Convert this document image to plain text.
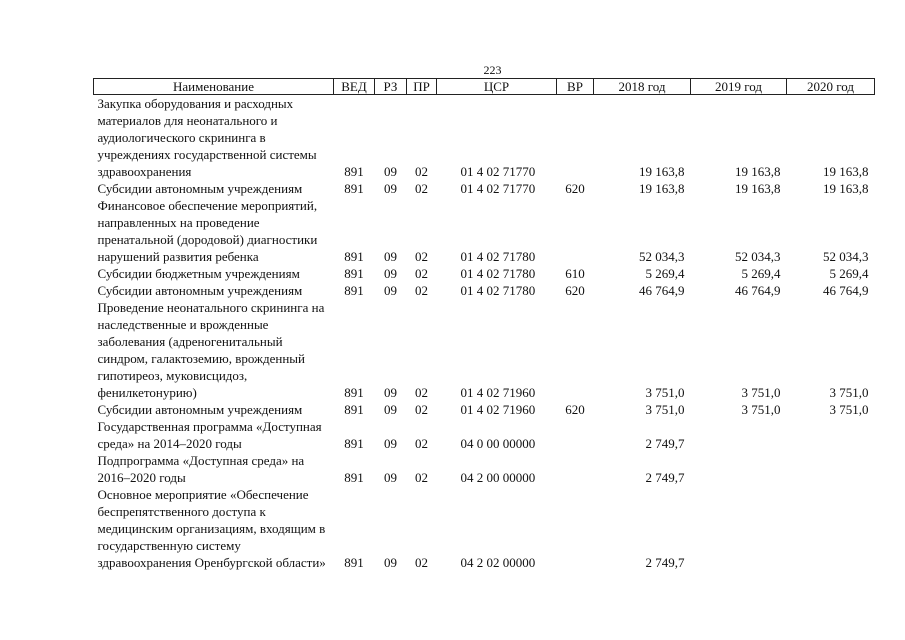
223
Наименование	ВЕД	РЗ	ПР	ЦСР	ВР	2018 год	2019 год	2020 год
Закупка оборудования и расходных материалов для неонатального и аудиологического скрининга в учреждениях государственной системы здравоохранения	891	09	02	01 4 02 71770		19 163,8	19 163,8	19 163,8
Субсидии автономным учреждениям	891	09	02	01 4 02 71770	620	19 163,8	19 163,8	19 163,8
Финансовое обеспечение мероприятий, направленных на проведение пренатальной (дородовой) диагностики нарушений развития ребенка	891	09	02	01 4 02 71780		52 034,3	52 034,3	52 034,3
Субсидии бюджетным учреждениям	891	09	02	01 4 02 71780	610	5 269,4	5 269,4	5 269,4
Субсидии автономным учреждениям	891	09	02	01 4 02 71780	620	46 764,9	46 764,9	46 764,9
Проведение неонатального скрининга на наследственные и врожденные заболевания (адреногенитальный синдром, галактоземию, врожденный гипотиреоз, муковисцидоз, фенилкетонурию)	891	09	02	01 4 02 71960		3 751,0	3 751,0	3 751,0
Субсидии автономным учреждениям	891	09	02	01 4 02 71960	620	3 751,0	3 751,0	3 751,0
Государственная программа «Доступная среда» на 2014–2020 годы	891	09	02	04 0 00 00000		2 749,7		
Подпрограмма «Доступная среда» на 2016–2020 годы	891	09	02	04 2 00 00000		2 749,7		
Основное мероприятие «Обеспечение беспрепятственного доступа к медицинским организациям, входящим в государственную систему здравоохранения Оренбургской области»	891	09	02	04 2 02 00000		2 749,7		
